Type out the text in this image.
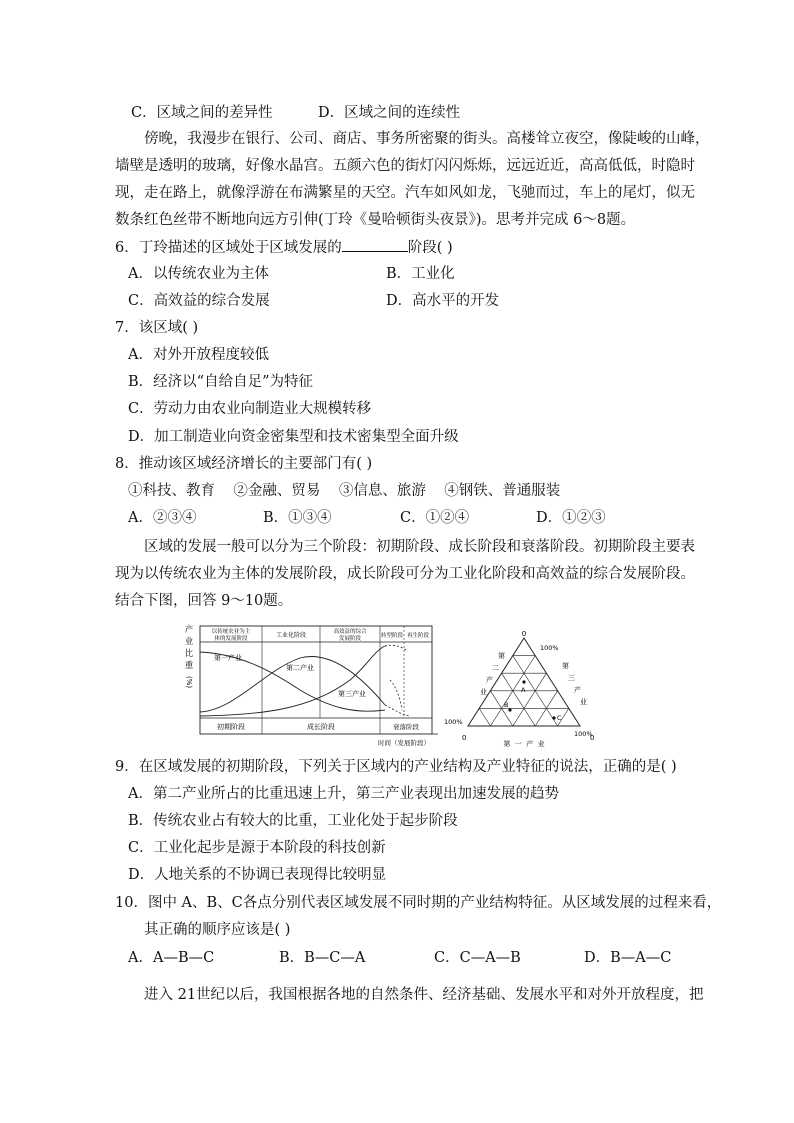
C．区域之间的差异性	D．区域之间的连续性
傍晚，我漫步在银行、公司、商店、事务所密聚的街头。高楼耸立夜空，像陡峻的山峰，
墙壁是透明的玻璃，好像水晶宫。五颜六色的街灯闪闪烁烁，远远近近，高高低低，时隐时
现，走在路上，就像浮游在布满繁星的天空。汽车如风如龙，飞驰而过，车上的尾灯，似无
数条红色丝带不断地向远方引伸(丁玲《曼哈顿街头夜景》)。思考并完成 6～8题。
6．丁玲描述的区域处于区域发展的	阶段( )
A．以传统农业为主体	B．工业化
C．高效益的综合发展	D．高水平的开发
7．该区域( )
A．对外开放程度较低
B．经济以“自给自足”为特征
C．劳动力由农业向制造业大规模转移
D．加工制造业向资金密集型和技术密集型全面升级
8．推动该区域经济增长的主要部门有( )
①科技、教育    ②金融、贸易    ③信息、旅游    ④钢铁、普通服装
A．②③④	B．①③④	C．①②④	D．①②③
区域的发展一般可以分为三个阶段：初期阶段、成长阶段和衰落阶段。初期阶段主要表
现为以传统农业为主体的发展阶段，成长阶段可分为工业化阶段和高效益的综合发展阶段。
结合下图，回答 9～10题。
产
业
比
重
(%)
以传统农业为主
体的发展阶段	工业化阶段	高效益的综合
发展阶段	转型阶段 再生阶段
第一产业
第二产业
第三产业
初期阶段	成长阶段	衰落阶段
时间（发展阶段）
0
100%
100%
0	100%
0
第
二
产
业
第
三
产
业
第  一  产  业
A
B
C
9．在区域发展的初期阶段，下列关于区域内的产业结构及产业特征的说法，正确的是( )
A．第二产业所占的比重迅速上升，第三产业表现出加速发展的趋势
B．传统农业占有较大的比重，工业化处于起步阶段
C．工业化起步是源于本阶段的科技创新
D．人地关系的不协调已表现得比较明显
10．图中 A、B、C各点分别代表区域发展不同时期的产业结构特征。从区域发展的过程来看，
其正确的顺序应该是( )
A．A—B—C	B．B—C—A	C．C—A—B	D．B—A—C
进入 21世纪以后，我国根据各地的自然条件、经济基础、发展水平和对外开放程度，把
